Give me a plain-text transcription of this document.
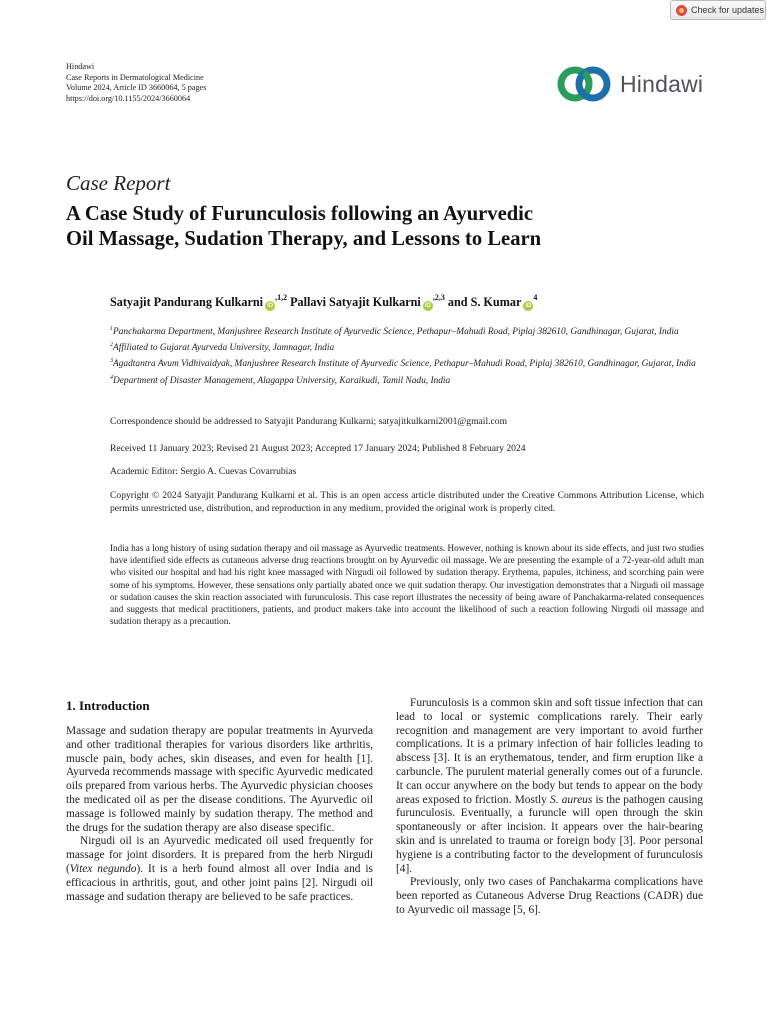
Check for updates
Hindawi
Case Reports in Dermatological Medicine
Volume 2024, Article ID 3660064, 5 pages
https://doi.org/10.1155/2024/3660064
Hindawi
Case Report
A Case Study of Furunculosis following an Ayurvedic
Oil Massage, Sudation Therapy, and Lessons to Learn
Satyajit Pandurang Kulkarni $iD^{,1,2}$ Pallavi Satyajit Kulkarni $iD^{,2,3}$ and S. Kumar $iD^4$
$^1$Panchakarma Department, Manjushree Research Institute of Ayurvedic Science, Pethapur–Mahudi Road, Piplaj 382610, Gandhinagar, Gujarat, India
$^2$Affiliated to Gujarat Ayurveda University, Jamnagar, India
$^3$Agadtantra Avum Vidhivaidyak, Manjushree Research Institute of Ayurvedic Science, Pethapur–Mahudi Road, Piplaj 382610, Gandhinagar, Gujarat, India
$^4$Department of Disaster Management, Alagappa University, Karaikudi, Tamil Nadu, India
Correspondence should be addressed to Satyajit Pandurang Kulkarni; satyajitkulkarni2001@gmail.com
Received 11 January 2023; Revised 21 August 2023; Accepted 17 January 2024; Published 8 February 2024
Academic Editor: Sergio A. Cuevas Covarrubias
Copyright © 2024 Satyajit Pandurang Kulkarni et al. This is an open access article distributed under the Creative Commons Attribution License, which permits unrestricted use, distribution, and reproduction in any medium, provided the original work is properly cited.
India has a long history of using sudation therapy and oil massage as Ayurvedic treatments. However, nothing is known about its side effects, and just two studies have identified side effects as cutaneous adverse drug reactions brought on by Ayurvedic oil massage. We are presenting the example of a 72-year-old adult man who visited our hospital and had his right knee massaged with Nirgudi oil followed by sudation therapy. Erythema, papules, itchiness, and scorching pain were some of his symptoms. However, these sensations only partially abated once we quit sudation therapy. Our investigation demonstrates that a Nirgudi oil massage or sudation causes the skin reaction associated with furunculosis. This case report illustrates the necessity of being aware of Panchakarma-related consequences and suggests that medical practitioners, patients, and product makers take into account the likelihood of such a reaction following Nirgudi oil massage and sudation therapy as a precaution.
1. Introduction

Massage and sudation therapy are popular treatments in Ayurveda and other traditional therapies for various disorders like arthritis, muscle pain, body aches, skin diseases, and even for health [1]. Ayurveda recommends massage with specific Ayurvedic medicated oils prepared from various herbs. The Ayurvedic physician chooses the medicated oil as per the disease conditions. The Ayurvedic oil massage is followed mainly by sudation therapy. The method and the drugs for the sudation therapy are also disease specific.

Nirgudi oil is an Ayurvedic medicated oil used frequently for massage for joint disorders. It is prepared from the herb Nirgudi (Vitex negundo). It is a herb found almost all over India and is efficacious in arthritis, gout, and other joint pains [2]. Nirgudi oil massage and sudation therapy are believed to be safe practices.

Furunculosis is a common skin and soft tissue infection that can lead to local or systemic complications rarely. Their early recognition and management are very important to avoid further complications. It is a primary infection of hair follicles leading to abscess [3]. It is an erythematous, tender, and firm eruption like a carbuncle. The purulent material generally comes out of a furuncle. It can occur anywhere on the body but tends to appear on the body areas exposed to friction. Mostly S. aureus is the pathogen causing furunculosis. Eventually, a furuncle will open through the skin spontaneously or after incision. It appears over the hair-bearing skin and is unrelated to trauma or foreign body [3]. Poor personal hygiene is a contributing factor to the development of furunculosis [4].

Previously, only two cases of Panchakarma complications have been reported as Cutaneous Adverse Drug Reactions (CADR) due to Ayurvedic oil massage [5, 6].
